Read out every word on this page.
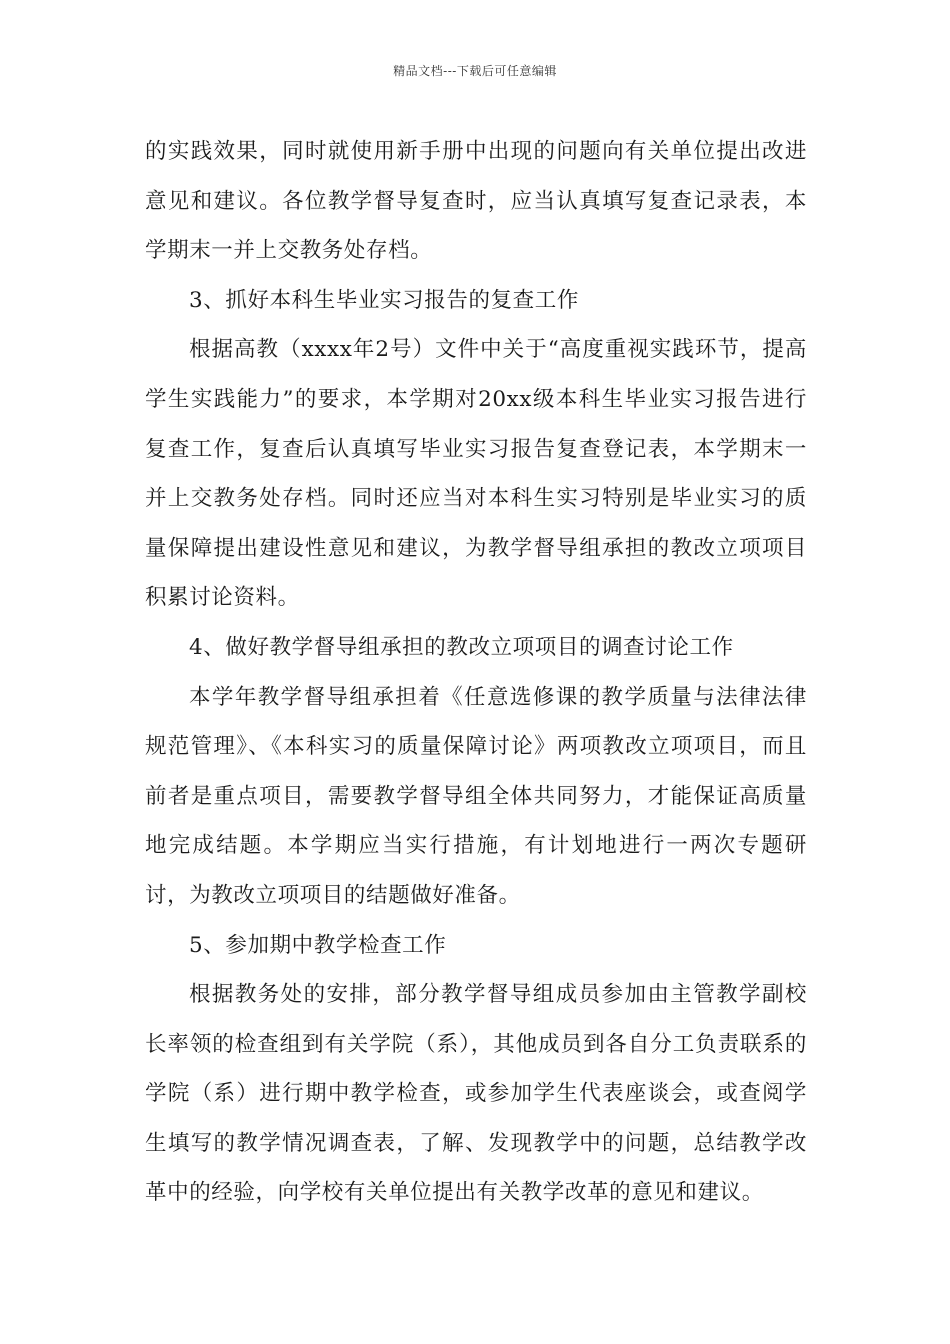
精品文档---下载后可任意编辑

的实践效果，同时就使用新手册中出现的问题向有关单位提出改进意见和建议。各位教学督导复查时，应当认真填写复查记录表，本学期末一并上交教务处存档。

3、抓好本科生毕业实习报告的复查工作

根据高教（xxxx年2号）文件中关于“高度重视实践环节，提高学生实践能力”的要求，本学期对20xx级本科生毕业实习报告进行复查工作，复查后认真填写毕业实习报告复查登记表，本学期末一并上交教务处存档。同时还应当对本科生实习特别是毕业实习的质量保障提出建设性意见和建议，为教学督导组承担的教改立项项目积累讨论资料。

4、做好教学督导组承担的教改立项项目的调查讨论工作

本学年教学督导组承担着《任意选修课的教学质量与法律法律规范管理》、《本科实习的质量保障讨论》两项教改立项项目，而且前者是重点项目，需要教学督导组全体共同努力，才能保证高质量地完成结题。本学期应当实行措施，有计划地进行一两次专题研讨，为教改立项项目的结题做好准备。

5、参加期中教学检查工作

根据教务处的安排，部分教学督导组成员参加由主管教学副校长率领的检查组到有关学院（系），其他成员到各自分工负责联系的学院（系）进行期中教学检查，或参加学生代表座谈会，或查阅学生填写的教学情况调查表，了解、发现教学中的问题，总结教学改革中的经验，向学校有关单位提出有关教学改革的意见和建议。
